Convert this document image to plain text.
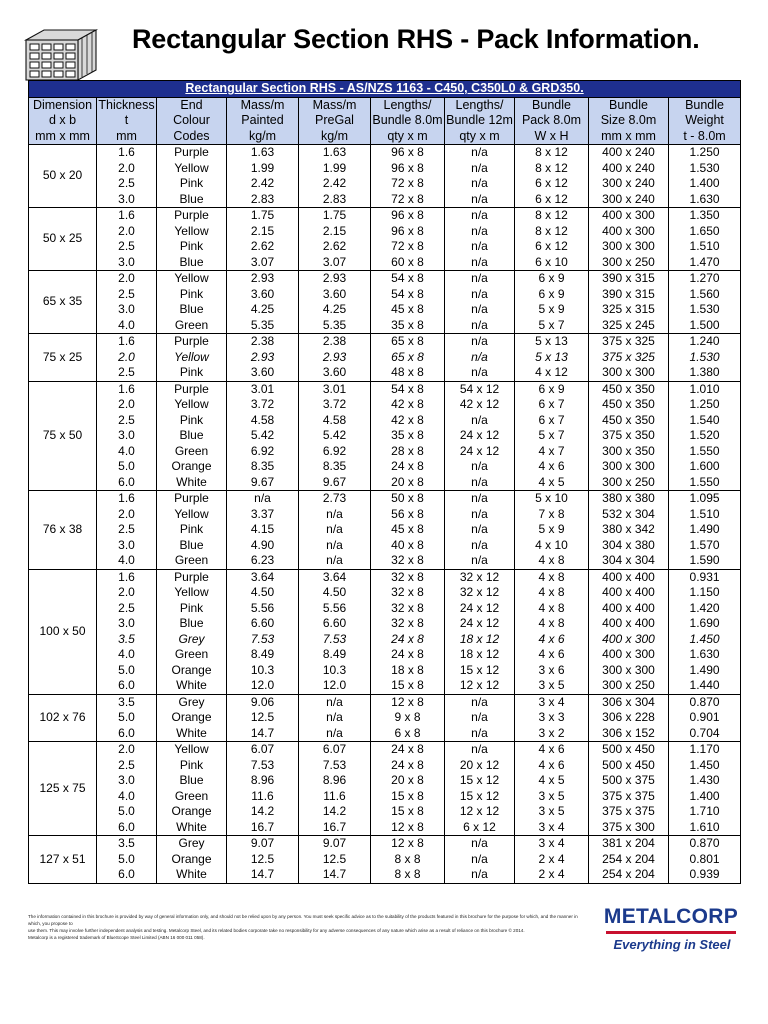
Rectangular Section RHS - Pack Information.
Rectangular Section RHS - AS/NZS 1163 - C450, C350L0 & GRD350.									
Dimension	Thickness	End	Mass/m	Mass/m	Lengths/	Lengths/	Bundle	Bundle	Bundle
d x b	t	Colour	Painted	PreGal	Bundle 8.0m	Bundle 12m	Pack 8.0m	Size 8.0m	Weight
mm x mm	mm	Codes	kg/m	kg/m	qty x m	qty x m	W x H	mm x mm	t - 8.0m
50 x 20	1.6	Purple	1.63	1.63	96 x 8	n/a	8 x 12	400 x 240	1.250
	2.0	Yellow	1.99	1.99	96 x 8	n/a	8 x 12	400 x 240	1.530
	2.5	Pink	2.42	2.42	72 x 8	n/a	6 x 12	300 x 240	1.400
	3.0	Blue	2.83	2.83	72 x 8	n/a	6 x 12	300 x 240	1.630
50 x 25	1.6	Purple	1.75	1.75	96 x 8	n/a	8 x 12	400 x 300	1.350
	2.0	Yellow	2.15	2.15	96 x 8	n/a	8 x 12	400 x 300	1.650
	2.5	Pink	2.62	2.62	72 x 8	n/a	6 x 12	300 x 300	1.510
	3.0	Blue	3.07	3.07	60 x 8	n/a	6 x 10	300 x 250	1.470
65 x 35	2.0	Yellow	2.93	2.93	54 x 8	n/a	6 x 9	390 x 315	1.270
	2.5	Pink	3.60	3.60	54 x 8	n/a	6 x 9	390 x 315	1.560
	3.0	Blue	4.25	4.25	45 x 8	n/a	5 x 9	325 x 315	1.530
	4.0	Green	5.35	5.35	35 x 8	n/a	5 x 7	325 x 245	1.500
75 x 25	1.6	Purple	2.38	2.38	65 x 8	n/a	5 x 13	375 x 325	1.240
	2.0	Yellow	2.93	2.93	65 x 8	n/a	5 x 13	375 x 325	1.530
	2.5	Pink	3.60	3.60	48 x 8	n/a	4 x 12	300 x 300	1.380
75 x 50	1.6	Purple	3.01	3.01	54 x 8	54 x 12	6 x 9	450 x 350	1.010
	2.0	Yellow	3.72	3.72	42 x 8	42 x 12	6 x 7	450 x 350	1.250
	2.5	Pink	4.58	4.58	42 x 8	n/a	6 x 7	450 x 350	1.540
	3.0	Blue	5.42	5.42	35 x 8	24 x 12	5 x 7	375 x 350	1.520
	4.0	Green	6.92	6.92	28 x 8	24 x 12	4 x 7	300 x 350	1.550
	5.0	Orange	8.35	8.35	24 x 8	n/a	4 x 6	300 x 300	1.600
	6.0	White	9.67	9.67	20 x 8	n/a	4 x 5	300 x 250	1.550
76 x 38	1.6	Purple	n/a	2.73	50 x 8	n/a	5 x 10	380 x 380	1.095
	2.0	Yellow	3.37	n/a	56 x 8	n/a	7 x 8	532 x 304	1.510
	2.5	Pink	4.15	n/a	45 x 8	n/a	5 x 9	380 x 342	1.490
	3.0	Blue	4.90	n/a	40 x 8	n/a	4 x 10	304 x 380	1.570
	4.0	Green	6.23	n/a	32 x 8	n/a	4 x 8	304 x 304	1.590
100 x 50	1.6	Purple	3.64	3.64	32 x 8	32 x 12	4 x 8	400 x 400	0.931
	2.0	Yellow	4.50	4.50	32 x 8	32 x 12	4 x 8	400 x 400	1.150
	2.5	Pink	5.56	5.56	32 x 8	24 x 12	4 x 8	400 x 400	1.420
	3.0	Blue	6.60	6.60	32 x 8	24 x 12	4 x 8	400 x 400	1.690
	3.5	Grey	7.53	7.53	24 x 8	18 x 12	4 x 6	400 x 300	1.450
	4.0	Green	8.49	8.49	24 x 8	18 x 12	4 x 6	400 x 300	1.630
	5.0	Orange	10.3	10.3	18 x 8	15 x 12	3 x 6	300 x 300	1.490
	6.0	White	12.0	12.0	15 x 8	12 x 12	3 x 5	300 x 250	1.440
102 x 76	3.5	Grey	9.06	n/a	12 x 8	n/a	3 x 4	306 x 304	0.870
	5.0	Orange	12.5	n/a	9 x 8	n/a	3 x 3	306 x 228	0.901
	6.0	White	14.7	n/a	6 x 8	n/a	3 x 2	306 x 152	0.704
125 x 75	2.0	Yellow	6.07	6.07	24 x 8	n/a	4 x 6	500 x 450	1.170
	2.5	Pink	7.53	7.53	24 x 8	20 x 12	4 x 6	500 x 450	1.450
	3.0	Blue	8.96	8.96	20 x 8	15 x 12	4 x 5	500 x 375	1.430
	4.0	Green	11.6	11.6	15 x 8	15 x 12	3 x 5	375 x 375	1.400
	5.0	Orange	14.2	14.2	15 x 8	12 x 12	3 x 5	375 x 375	1.710
	6.0	White	16.7	16.7	12 x 8	6 x 12	3 x 4	375 x 300	1.610
127 x 51	3.5	Grey	9.07	9.07	12 x 8	n/a	3 x 4	381 x 204	0.870
	5.0	Orange	12.5	12.5	8 x 8	n/a	2 x 4	254 x 204	0.801
	6.0	White	14.7	14.7	8 x 8	n/a	2 x 4	254 x 204	0.939
The information contained in this brochure is provided by way of general information only, and should not be relied upon by any person. You must seek specific advice as to the suitability of the products featured in this brochure for the purpose for which, and the manner in which, you propose to
use them. This may involve further independent analysis and testing. Metalcorp Steel, and its related bodies corporate take no responsibility for any adverse consequences of any nature which arise as a result of reliance on this brochure © 2014.
Metalcorp is a registered trademark of BlueScope Steel Limited (ABN 16 000 011 058).
METALCORP
Everything in Steel
